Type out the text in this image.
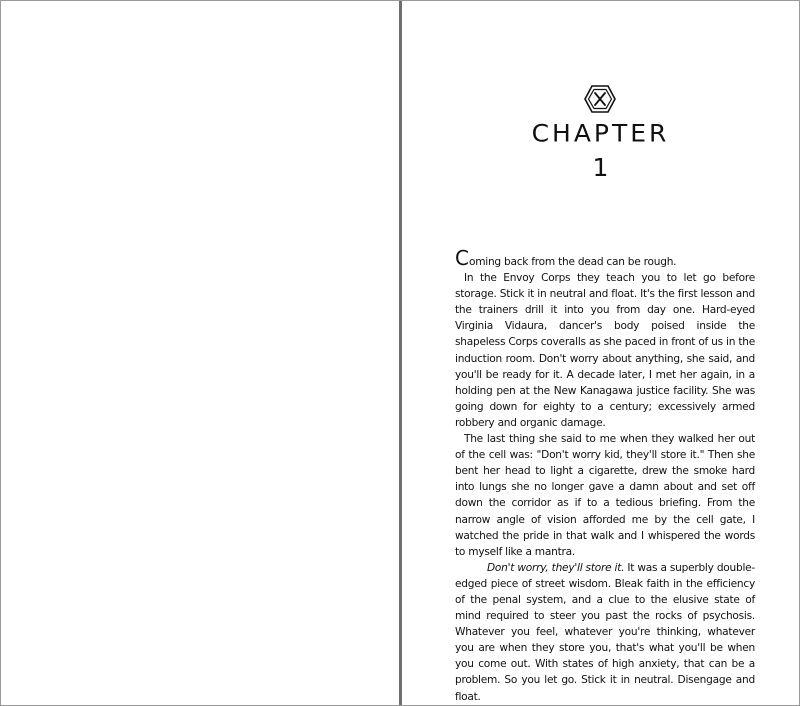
CHAPTER
1

Coming back from the dead can be rough.

In the Envoy Corps they teach you to let go before storage. Stick it in neutral and float. It's the first lesson and the trainers drill it into you from day one. Hard-eyed Virginia Vidaura, dancer's body poised inside the shapeless Corps coveralls as she paced in front of us in the induction room. Don't worry about anything, she said, and you'll be ready for it. A decade later, I met her again, in a holding pen at the New Kanagawa justice facility. She was going down for eighty to a century; excessively armed robbery and organic damage.

The last thing she said to me when they walked her out of the cell was: "Don't worry kid, they'll store it." Then she bent her head to light a cigarette, drew the smoke hard into lungs she no longer gave a damn about and set off down the corridor as if to a tedious briefing. From the narrow angle of vision afforded me by the cell gate, I watched the pride in that walk and I whispered the words to myself like a mantra.

Don't worry, they'll store it. It was a superbly double-edged piece of street wisdom. Bleak faith in the efficiency of the penal system, and a clue to the elusive state of mind required to steer you past the rocks of psychosis. Whatever you feel, whatever you're thinking, whatever you are when they store you, that's what you'll be when you come out. With states of high anxiety, that can be a problem. So you let go. Stick it in neutral. Disengage and float.
